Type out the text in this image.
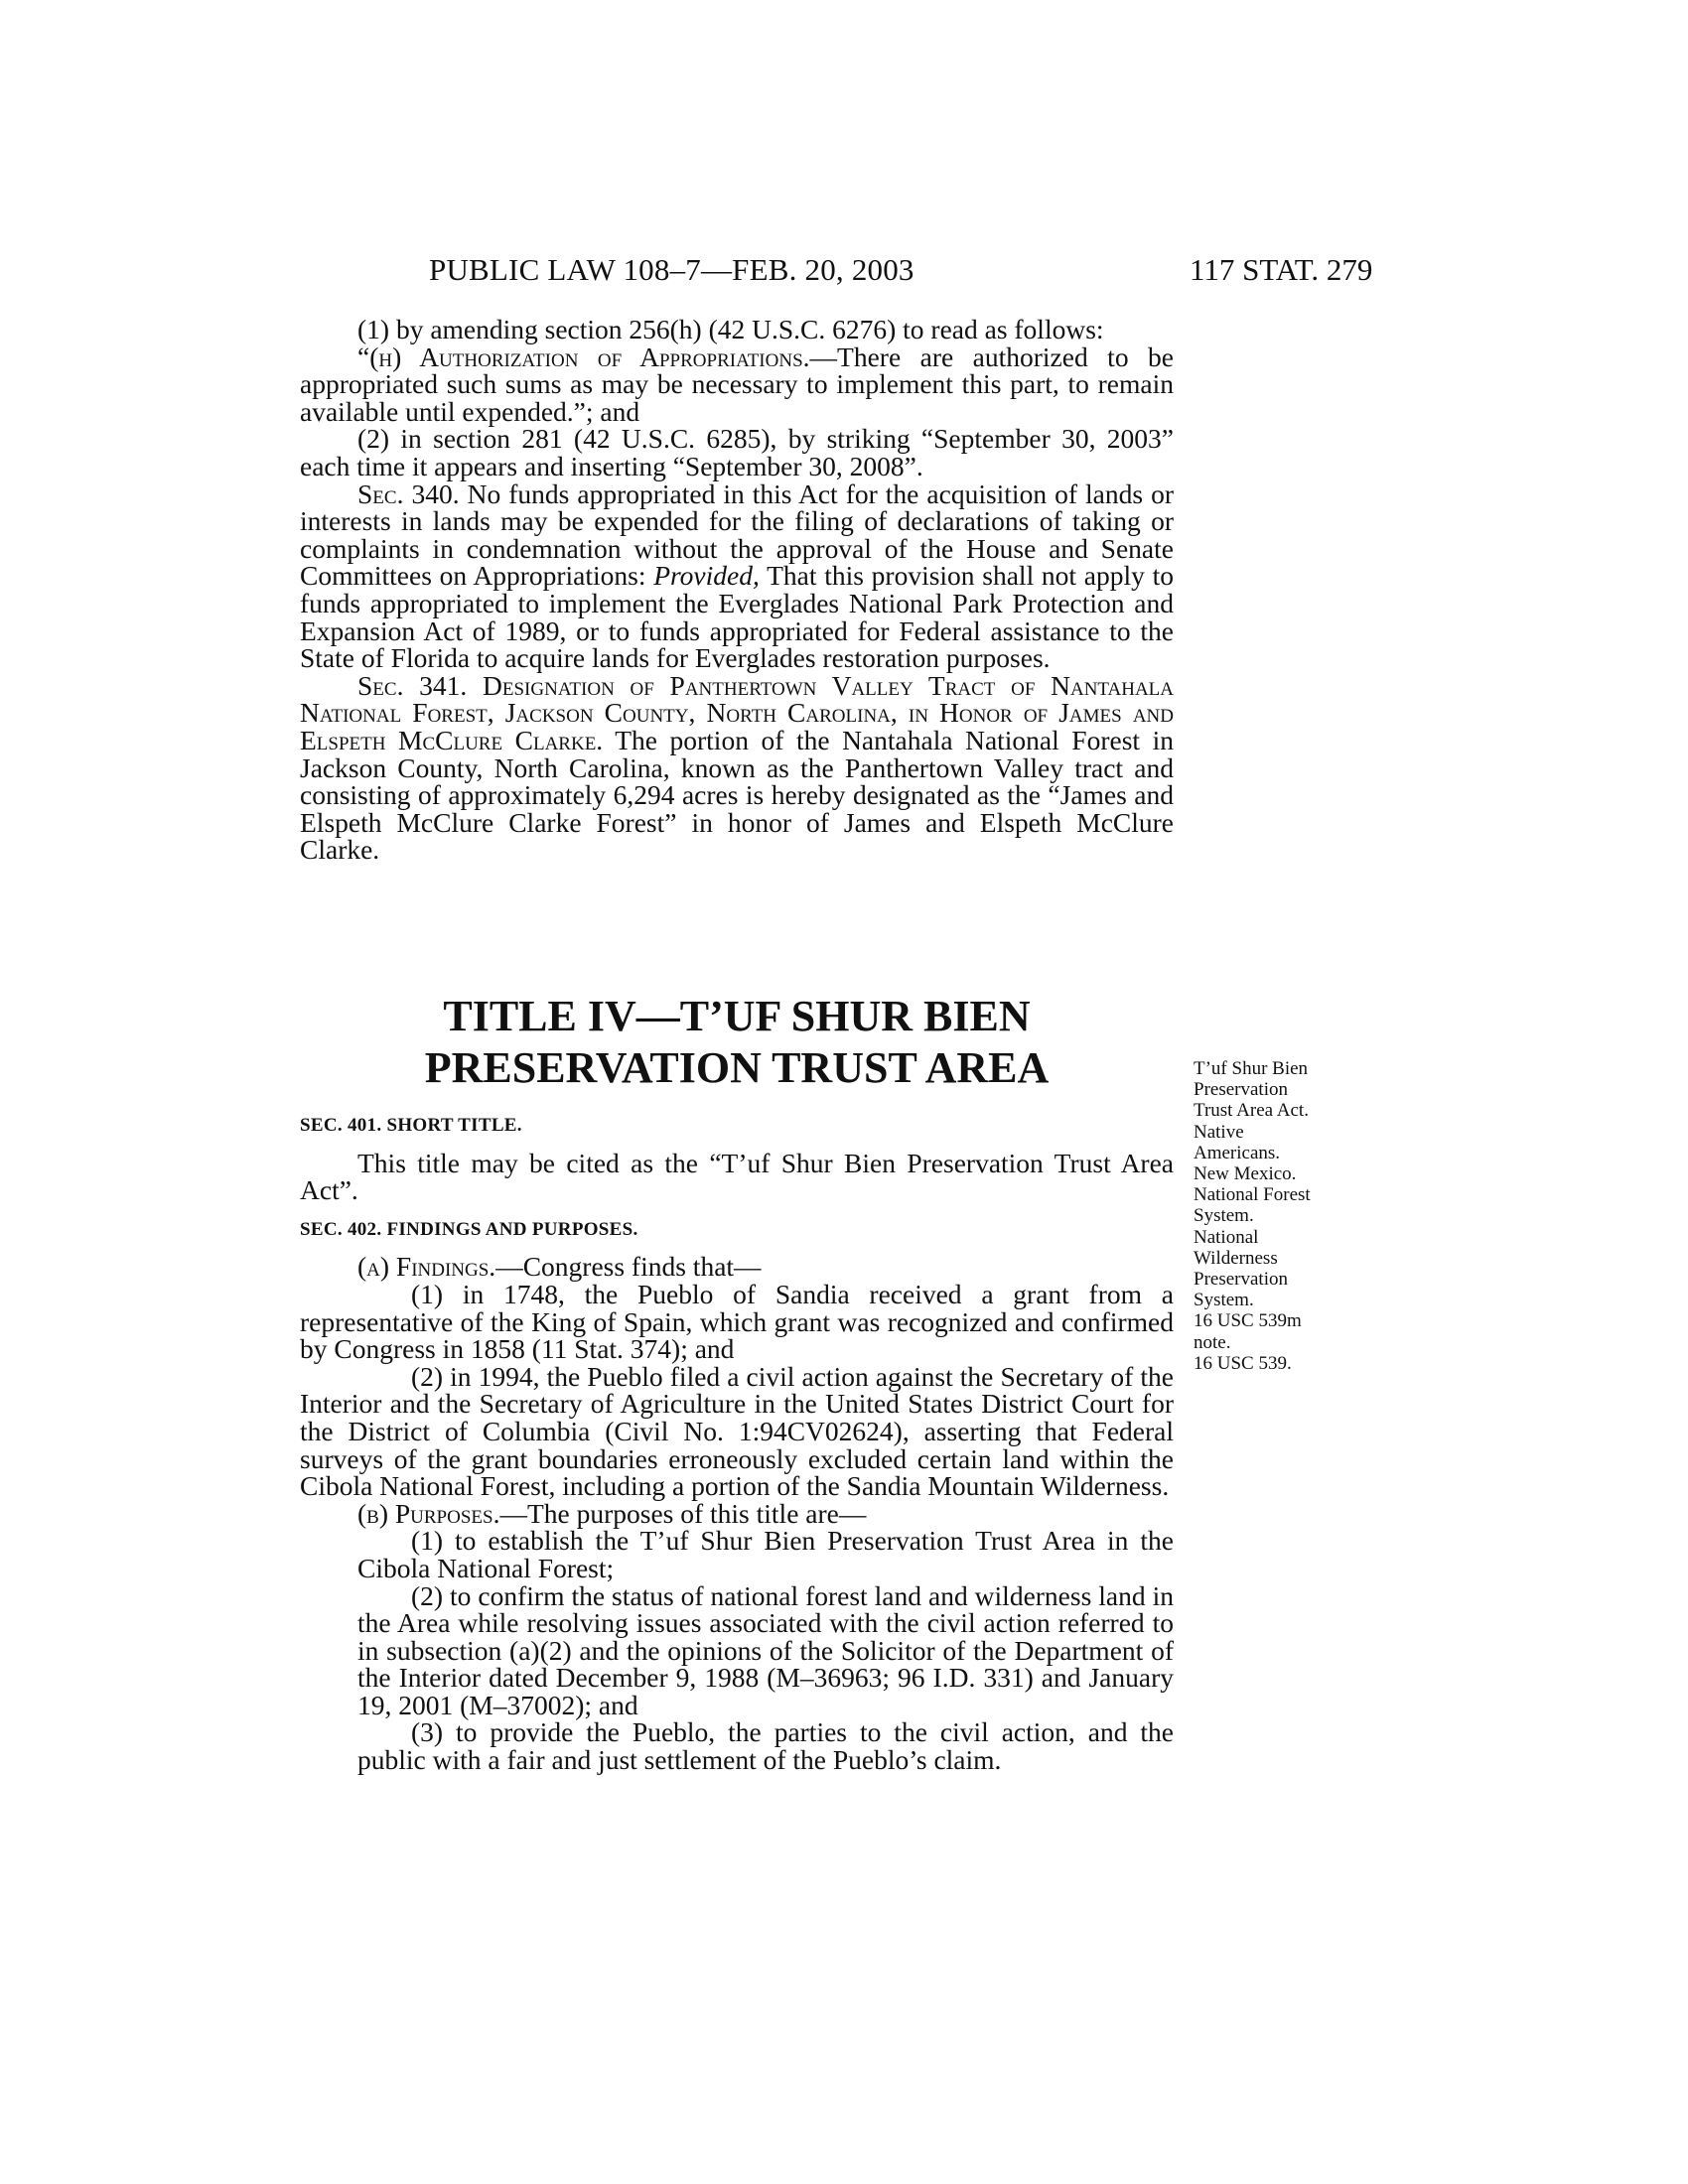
PUBLIC LAW 108–7—FEB. 20, 2003	117 STAT. 279

(1) by amending section 256(h) (42 U.S.C. 6276) to read as follows:

“(h) Authorization of Appropriations.—There are authorized to be appropriated such sums as may be necessary to implement this part, to remain available until expended.”; and

(2) in section 281 (42 U.S.C. 6285), by striking “September 30, 2003” each time it appears and inserting “September 30, 2008”.

Sec. 340. No funds appropriated in this Act for the acquisition of lands or interests in lands may be expended for the filing of declarations of taking or complaints in condemnation without the approval of the House and Senate Committees on Appropriations: Provided, That this provision shall not apply to funds appropriated to implement the Everglades National Park Protection and Expansion Act of 1989, or to funds appropriated for Federal assistance to the State of Florida to acquire lands for Everglades restoration purposes.

Sec. 341. Designation of Panthertown Valley Tract of Nantahala National Forest, Jackson County, North Carolina, in Honor of James and Elspeth McClure Clarke. The portion of the Nantahala National Forest in Jackson County, North Carolina, known as the Panthertown Valley tract and consisting of approximately 6,294 acres is hereby designated as the “James and Elspeth McClure Clarke Forest” in honor of James and Elspeth McClure Clarke.

TITLE IV—T’UF SHUR BIEN
PRESERVATION TRUST AREA

SEC. 401. SHORT TITLE.

This title may be cited as the “T’uf Shur Bien Preservation Trust Area Act”.

SEC. 402. FINDINGS AND PURPOSES.

(a) Findings.—Congress finds that—

(1) in 1748, the Pueblo of Sandia received a grant from a representative of the King of Spain, which grant was recognized and confirmed by Congress in 1858 (11 Stat. 374); and

(2) in 1994, the Pueblo filed a civil action against the Secretary of the Interior and the Secretary of Agriculture in the United States District Court for the District of Columbia (Civil No. 1:94CV02624), asserting that Federal surveys of the grant boundaries erroneously excluded certain land within the Cibola National Forest, including a portion of the Sandia Mountain Wilderness.

(b) Purposes.—The purposes of this title are—

(1) to establish the T’uf Shur Bien Preservation Trust Area in the Cibola National Forest;

(2) to confirm the status of national forest land and wilderness land in the Area while resolving issues associated with the civil action referred to in subsection (a)(2) and the opinions of the Solicitor of the Department of the Interior dated December 9, 1988 (M–36963; 96 I.D. 331) and January 19, 2001 (M–37002); and

(3) to provide the Pueblo, the parties to the civil action, and the public with a fair and just settlement of the Pueblo’s claim.

T’uf Shur Bien
Preservation
Trust Area Act.
Native
Americans.
New Mexico.
National Forest
System.
National
Wilderness
Preservation
System.
16 USC 539m
note.
16 USC 539.
